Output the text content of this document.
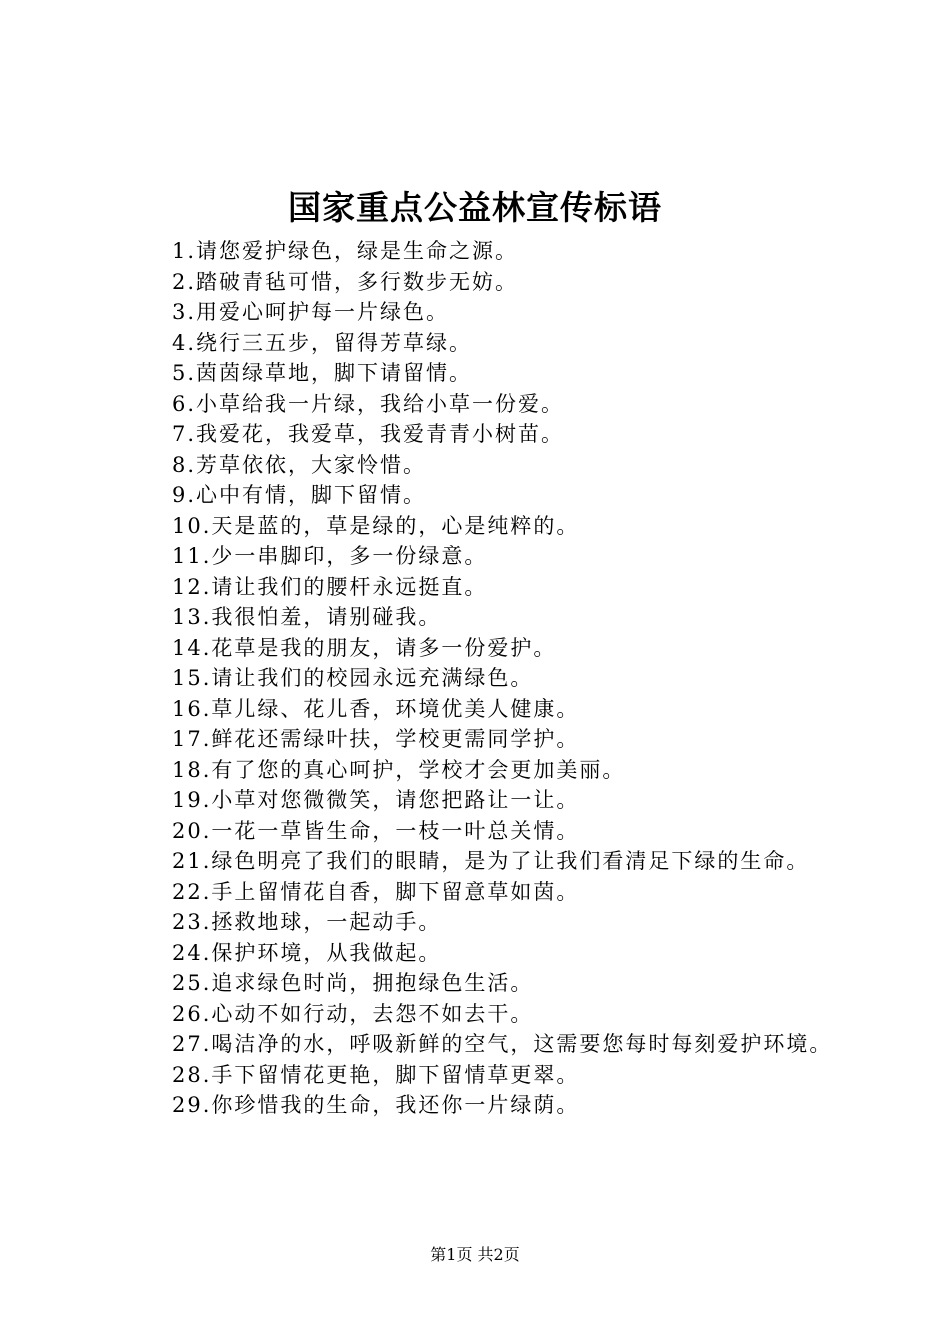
国家重点公益林宣传标语
1.请您爱护绿色，绿是生命之源。
2.踏破青毡可惜，多行数步无妨。
3.用爱心呵护每一片绿色。
4.绕行三五步，留得芳草绿。
5.茵茵绿草地，脚下请留情。
6.小草给我一片绿，我给小草一份爱。
7.我爱花，我爱草，我爱青青小树苗。
8.芳草依依，大家怜惜。
9.心中有情，脚下留情。
10.天是蓝的，草是绿的，心是纯粹的。
11.少一串脚印，多一份绿意。
12.请让我们的腰杆永远挺直。
13.我很怕羞，请别碰我。
14.花草是我的朋友，请多一份爱护。
15.请让我们的校园永远充满绿色。
16.草儿绿、花儿香，环境优美人健康。
17.鲜花还需绿叶扶，学校更需同学护。
18.有了您的真心呵护，学校才会更加美丽。
19.小草对您微微笑，请您把路让一让。
20.一花一草皆生命，一枝一叶总关情。
21.绿色明亮了我们的眼睛，是为了让我们看清足下绿的生命。
22.手上留情花自香，脚下留意草如茵。
23.拯救地球，一起动手。
24.保护环境，从我做起。
25.追求绿色时尚，拥抱绿色生活。
26.心动不如行动，去怨不如去干。
27.喝洁净的水，呼吸新鲜的空气，这需要您每时每刻爱护环境。
28.手下留情花更艳，脚下留情草更翠。
29.你珍惜我的生命，我还你一片绿荫。
第1页 共2页
